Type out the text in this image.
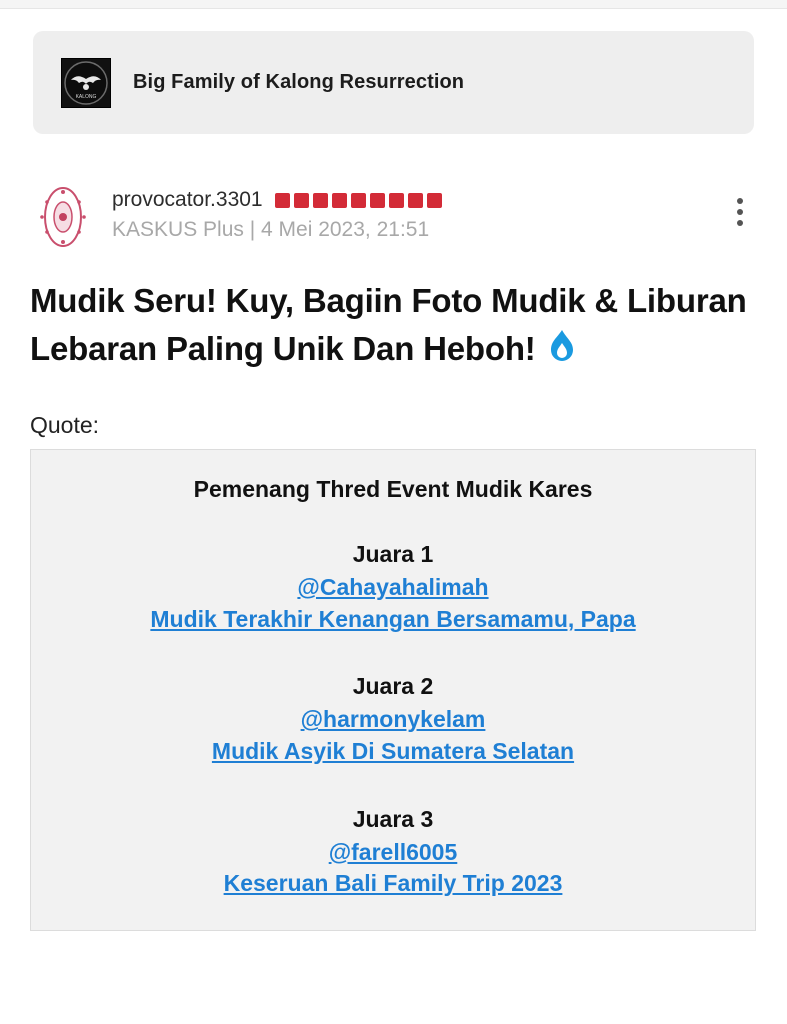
KALONG
Big Family of Kalong Resurrection
provocator.3301
KASKUS Plus | 4 Mei 2023, 21:51
Mudik Seru! Kuy, Bagiin Foto Mudik & Liburan Lebaran Paling Unik Dan Heboh!
Quote:
Pemenang Thred Event Mudik Kares
Juara 1
@Cahayahalimah
Mudik Terakhir Kenangan Bersamamu, Papa
Juara 2
@harmonykelam
Mudik Asyik Di Sumatera Selatan
Juara 3
@farell6005
Keseruan Bali Family Trip 2023
